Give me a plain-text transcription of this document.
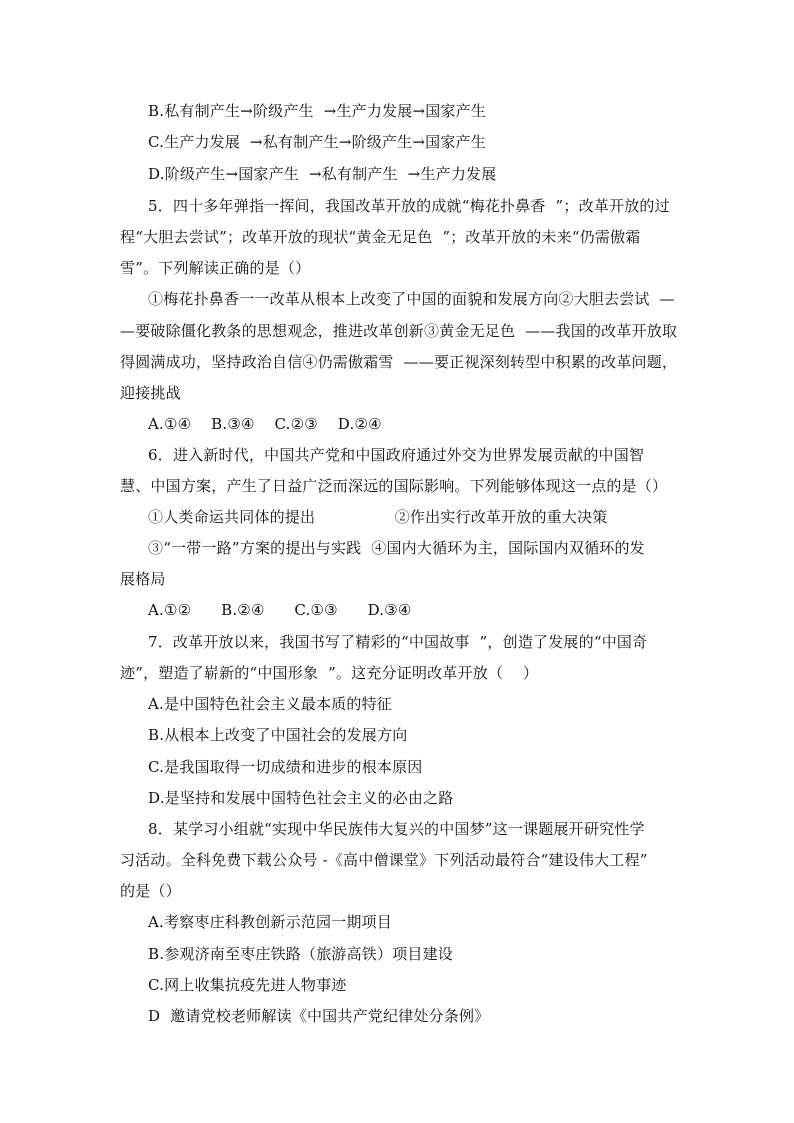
B.私有制产生→阶级产生  →生产力发展→国家产生
C.生产力发展  →私有制产生→阶级产生→国家产生
D.阶级产生→国家产生  →私有制产生  →生产力发展
5．四十多年弹指一挥间，我国改革开放的成就“梅花扑鼻香  ”；改革开放的过
程“大胆去尝试”；改革开放的现状“黄金无足色  ”；改革开放的未来“仍需傲霜
雪”。下列解读正确的是（）
①梅花扑鼻香一一改革从根本上改变了中国的面貌和发展方向②大胆去尝试  —
—要破除僵化教条的思想观念，推进改革创新③黄金无足色  ——我国的改革开放取
得圆满成功，坚持政治自信④仍需傲霜雪  ——要正视深刻转型中积累的改革问题，
迎接挑战
A.①④    B.③④    C.②③    D.②④
6．进入新时代，中国共产党和中国政府通过外交为世界发展贡献的中国智
慧、中国方案，产生了日益广泛而深远的国际影响。下列能够体现这一点的是（）
①人类命运共同体的提出                ②作出实行改革开放的重大决策
③“一带一路”方案的提出与实践  ④国内大循环为主，国际国内双循环的发
展格局
A.①②      B.②④      C.①③      D.③④
7．改革开放以来，我国书写了精彩的“中国故事  ”，创造了发展的“中国奇
迹”，塑造了崭新的“中国形象  ”。这充分证明改革开放（    ）
A.是中国特色社会主义最本质的特征
B.从根本上改变了中国社会的发展方向
C.是我国取得一切成绩和进步的根本原因
D.是坚持和发展中国特色社会主义的必由之路
8．某学习小组就“实现中华民族伟大复兴的中国梦”这一课题展开研究性学
习活动。全科免费下载公众号 -《高中僧课堂》下列活动最符合“建设伟大工程”
的是（）
A.考察枣庄科教创新示范园一期项目
B.参观济南至枣庄铁路（旅游高铁）项目建设
C.网上收集抗疫先进人物事迹
D  邀请党校老师解读《中国共产党纪律处分条例》
